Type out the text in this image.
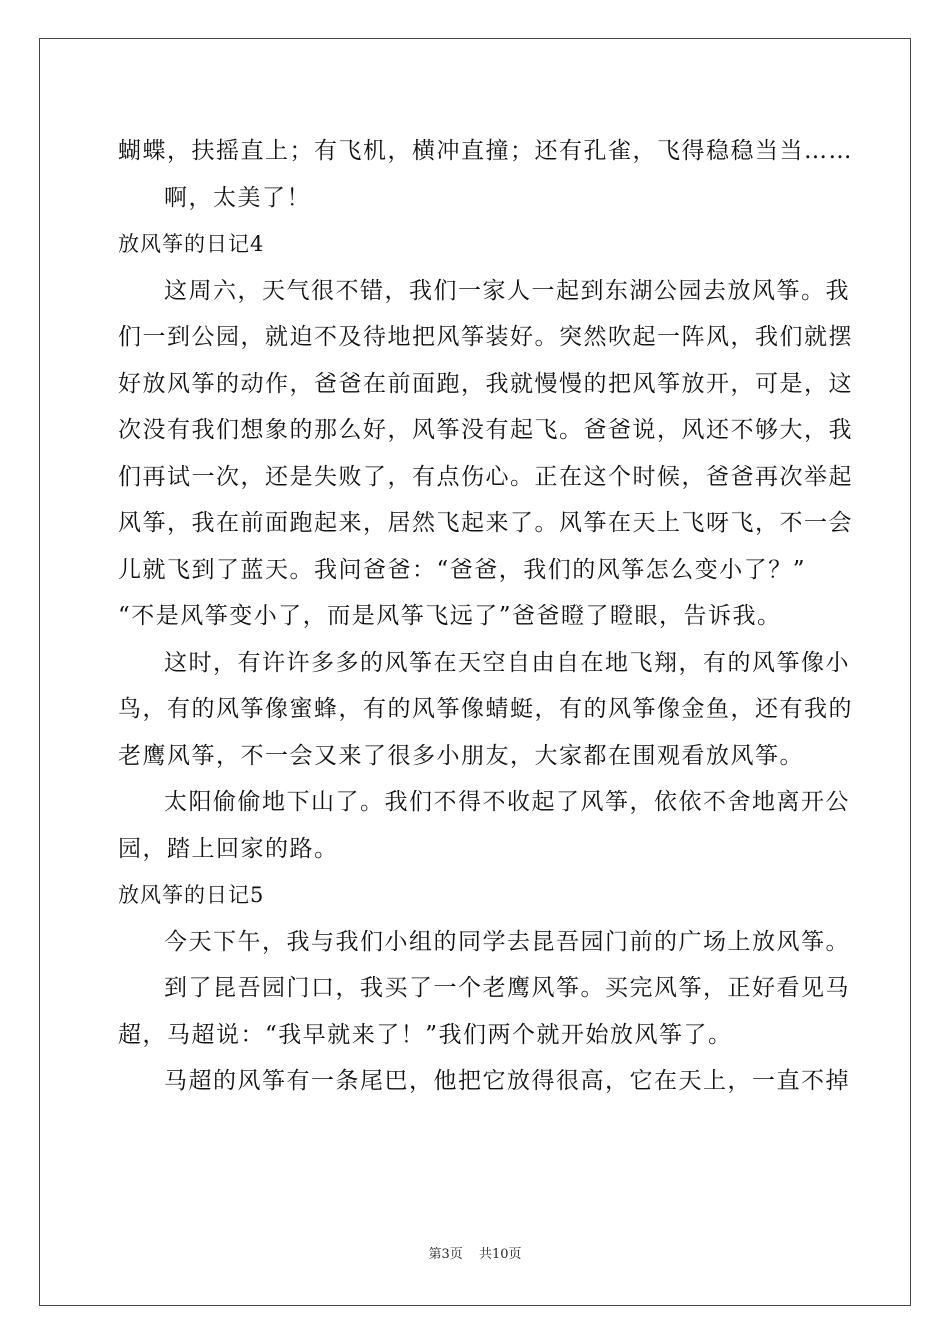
蝴蝶，扶摇直上；有飞机，横冲直撞；还有孔雀，飞得稳稳当当……
啊，太美了！
放风筝的日记4
这周六，天气很不错，我们一家人一起到东湖公园去放风筝。我
们一到公园，就迫不及待地把风筝装好。突然吹起一阵风，我们就摆
好放风筝的动作，爸爸在前面跑，我就慢慢的把风筝放开，可是，这
次没有我们想象的那么好，风筝没有起飞。爸爸说，风还不够大，我
们再试一次，还是失败了，有点伤心。正在这个时候，爸爸再次举起
风筝，我在前面跑起来，居然飞起来了。风筝在天上飞呀飞，不一会
儿就飞到了蓝天。我问爸爸：“爸爸，我们的风筝怎么变小了？”
“不是风筝变小了，而是风筝飞远了”爸爸瞪了瞪眼，告诉我。
这时，有许许多多的风筝在天空自由自在地飞翔，有的风筝像小
鸟，有的风筝像蜜蜂，有的风筝像蜻蜓，有的风筝像金鱼，还有我的
老鹰风筝，不一会又来了很多小朋友，大家都在围观看放风筝。
太阳偷偷地下山了。我们不得不收起了风筝，依依不舍地离开公
园，踏上回家的路。
放风筝的日记5
今天下午，我与我们小组的同学去昆吾园门前的广场上放风筝。
到了昆吾园门口，我买了一个老鹰风筝。买完风筝，正好看见马
超，马超说：“我早就来了！”我们两个就开始放风筝了。
马超的风筝有一条尾巴，他把它放得很高，它在天上，一直不掉
第3页 共10页
